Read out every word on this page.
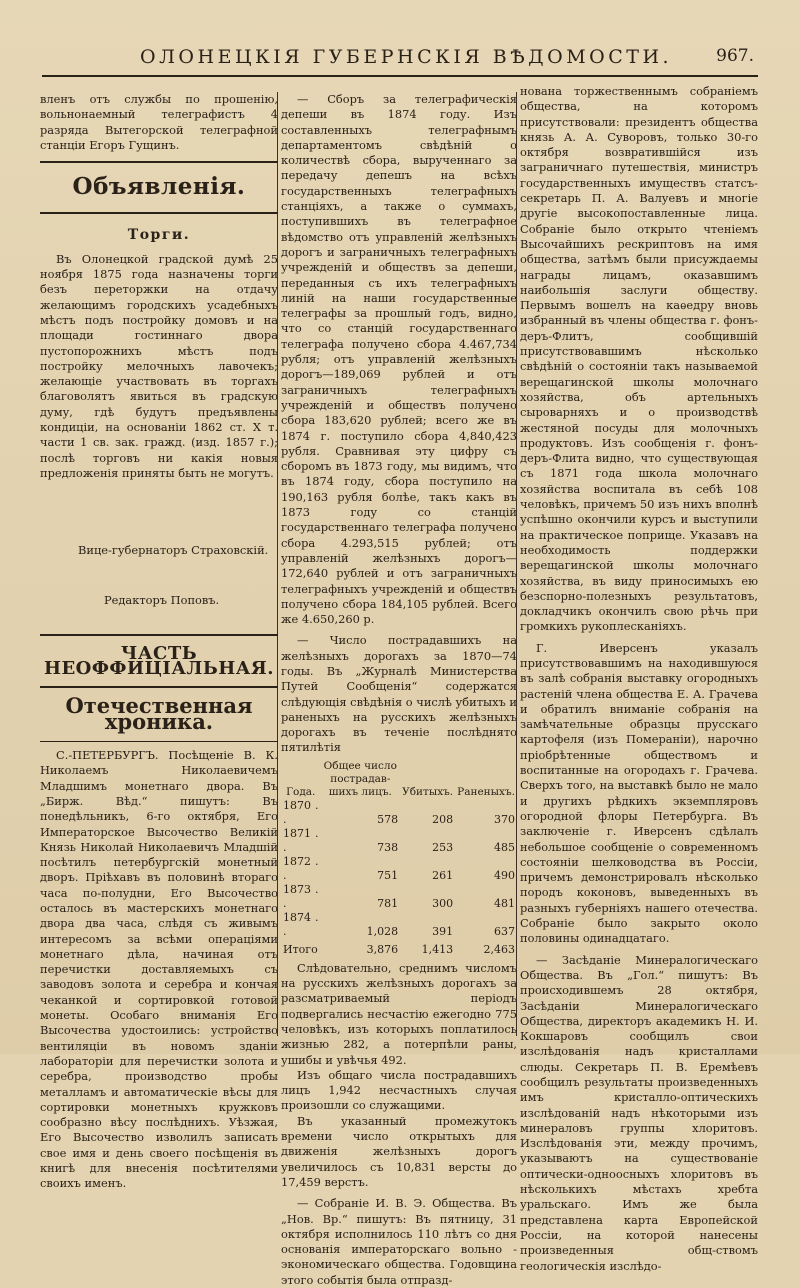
ОЛОНЕЦКІЯ ГУБЕРНСКІЯ ВѢДОМОСТИ.	967.

вленъ отъ службы по прошенію, вольнонаемный телеграфистъ 4 разряда Вытегорской телеграфной станціи Егоръ Гущинъ.

Объявленія.
Торги.

Въ Олонецкой градской думѣ 25 ноября 1875 года назначены торги безъ переторжки на отдачу желающимъ городскихъ усадебныхъ мѣстъ подъ постройку домовъ и на площади гостиннаго двора пустопорожнихъ мѣстъ подъ постройку мелочныхъ лавочекъ; желающіе участвовать въ торгахъ благоволятъ явиться въ градскую думу, гдѣ будутъ предъявлены кондиціи, на основаніи 1862 ст. X т. части 1 св. зак. гражд. (изд. 1857 г.); послѣ торговъ ни какія новыя предложенія приняты быть не могутъ.

Вице-губернаторъ Страховскій.

Редакторъ Поповъ.

ЧАСТЬ НЕОФФИЦІАЛЬНАЯ.
Отечественная хроника.

С.-ПЕТЕРБУРГЪ. Посѣщеніе В. К. Николаемъ Николаевичемъ Младшимъ монетнаго двора. Въ „Бирж. Вѣд.“ пишутъ: Въ понедѣльникъ, 6-го октября, Его Императорское Высочество Великій Князь Николай Николаевичъ Младшій посѣтилъ петербургскій монетный дворъ. Пріѣхавъ въ половинѣ втораго часа по-полудни, Его Высочество осталось въ мастерскихъ монетнаго двора два часа, слѣдя съ живымъ интересомъ за всѣми операціями монетнаго дѣла, начиная отъ перечистки доставляемыхъ съ заводовъ золота и серебра и кончая чеканкой и сортировкой готовой монеты. Особаго вниманія Его Высочества удостоились: устройство вентиляціи въ новомъ зданіи лабораторіи для перечистки золота и серебра, производство пробы металламъ и автоматическіе вѣсы для сортировки монетныхъ кружковъ сообразно вѣсу послѣднихъ. Уѣзжая, Его Высочество изволилъ записать свое имя и день своего посѣщенія въ книгѣ для внесенія посѣтителями своихъ именъ.

— Сборъ за телеграфическія депеши въ 1874 году. Изъ составленныхъ телеграфнымъ департаментомъ свѣдѣній о количествѣ сбора, вырученнаго за передачу депешъ на всѣхъ государственныхъ телеграфныхъ станціяхъ, а также о суммахъ, поступившихъ въ телеграфное вѣдомство отъ управленій желѣзныхъ дорогъ и заграничныхъ телеграфныхъ учрежденій и обществъ за депеши, переданныя съ ихъ телеграфныхъ линій на наши государственные телеграфы за прошлый годъ, видно, что со станцій государственнаго телеграфа получено сбора 4.467,734 рубля; отъ управленій желѣзныхъ дорогъ—189,069 рублей и отъ заграничныхъ телеграфныхъ учрежденій и обществъ получено сбора 183,620 рублей; всего же въ 1874 г. поступило сбора 4,840,423 рубля. Сравнивая эту цифру съ сборомъ въ 1873 году, мы видимъ, что въ 1874 году, сбора поступило на 190,163 рубля болѣе, такъ какъ въ 1873 году со станцій государственнаго телеграфа получено сбора 4.293,515 рублей; отъ управленій желѣзныхъ дорогъ—172,640 рублей и отъ заграничныхъ телеграфныхъ учрежденій и обществъ получено сбора 184,105 рублей. Всего же 4.650,260 р.

— Число пострадавшихъ на желѣзныхъ дорогахъ за 1870—74 годы. Въ „Журналѣ Министерства Путей Сообщенія“ содержатся слѣдующія свѣдѣнія о числѣ убитыхъ и раненыхъ на русскихъ желѣзныхъ дорогахъ въ теченіе послѣднято пятилѣтія

Года.	Общее число пострадав-шихъ лицъ.	Убитыхъ.	Раненыхъ.
1870 . .	578	208	370
1871 . .	738	253	485
1872 . .	751	261	490
1873 . .	781	300	481
1874 . .	1,028	391	637
Итого	3,876	1,413	2,463

Слѣдовательно, среднимъ числомъ на русскихъ желѣзныхъ дорогахъ за разсматриваемый періодъ подвергались несчастію ежегодно 775 человѣкъ, изъ которыхъ поплатилось жизнью 282, а потерпѣли раны, ушибы и увѣчья 492.

Изъ общаго числа пострадавшихъ лицъ 1,942 несчастныхъ случая произошли со служащими.

Въ указанный промежутокъ времени число открытыхъ для движенія желѣзныхъ дорогъ увеличилось съ 10,831 версты до 17,459 верстъ.

— Собраніе И. В. Э. Общества. Въ „Нов. Вр.“ пишутъ: Въ пятницу, 31 октября исполнилось 110 лѣтъ со дня основанія императорскаго вольно - экономическаго общества. Годовщина этого событія была отпразд-

нована торжественнымъ собраніемъ общества, на которомъ присутствовали: президентъ общества князь А. А. Суворовъ, только 30-го октября возвратившійся изъ заграничнаго путешествія, министръ государственныхъ имуществъ статсъ-секретарь П. А. Валуевъ и многіе другіе высокопоставленные лица. Собраніе было открыто чтеніемъ Высочайшихъ рескриптовъ на имя общества, затѣмъ были присуждаемы награды лицамъ, оказавшимъ наибольшія заслуги обществу. Первымъ вошелъ на каѳедру вновь избранный въ члены общества г. фонъ-деръ-Флитъ, сообщившій присутствовавшимъ нѣсколько свѣдѣній о состояніи такъ называемой верещагинской школы молочнаго хозяйства, объ артельныхъ сыроварняхъ и о производствѣ жестяной посуды для молочныхъ продуктовъ. Изъ сообщенія г. фонъ-деръ-Флита видно, что существующая съ 1871 года школа молочнаго хозяйства воспитала въ себѣ 108 человѣкъ, причемъ 50 изъ нихъ вполнѣ успѣшно окончили курсъ и выступили на практическое поприще. Указавъ на необходимость поддержки верещагинской школы молочнаго хозяйства, въ виду приносимыхъ ею безспорно-полезныхъ результатовъ, докладчикъ окончилъ свою рѣчь при громкихъ рукоплесканіяхъ.

Г. Иверсенъ указалъ присутствовавшимъ на находившуюся въ залѣ собранія выставку огородныхъ растеній члена общества Е. А. Грачева и обратилъ вниманіе собранія на замѣчательные образцы прусскаго картофеля (изъ Помераніи), нарочно пріобрѣтенные обществомъ и воспитанные на огородахъ г. Грачева. Сверхъ того, на выставкѣ было не мало и другихъ рѣдкихъ экземпляровъ огородной флоры Петербурга. Въ заключеніе г. Иверсенъ сдѣлалъ небольшое сообщеніе о современномъ состояніи шелководства въ Россіи, причемъ демонстрировалъ нѣсколько породъ коконовъ, выведенныхъ въ разныхъ губерніяхъ нашего отечества. Собраніе было закрыто около половины одинадцатаго.

— Засѣданіе Минералогическаго Общества. Въ „Гол.“ пишутъ: Въ происходившемъ 28 октября, Засѣданіи Минералогическаго Общества, директоръ академикъ Н. И. Кокшаровъ сообщилъ свои изслѣдованія надъ кристаллами слюды. Секретарь П. В. Еремѣевъ сообщилъ результаты произведенныхъ имъ кристалло-оптическихъ изслѣдованій надъ нѣкоторыми изъ минераловъ группы хлоритовъ. Изслѣдованія эти, между прочимъ, указываютъ на существованіе оптически-одноосныхъ хлоритовъ въ нѣсколькихъ мѣстахъ хребта уральскаго. Имъ же была представлена карта Европейской Россіи, на которой нанесены произведенныя общ-ствомъ геологическія изслѣдо-
